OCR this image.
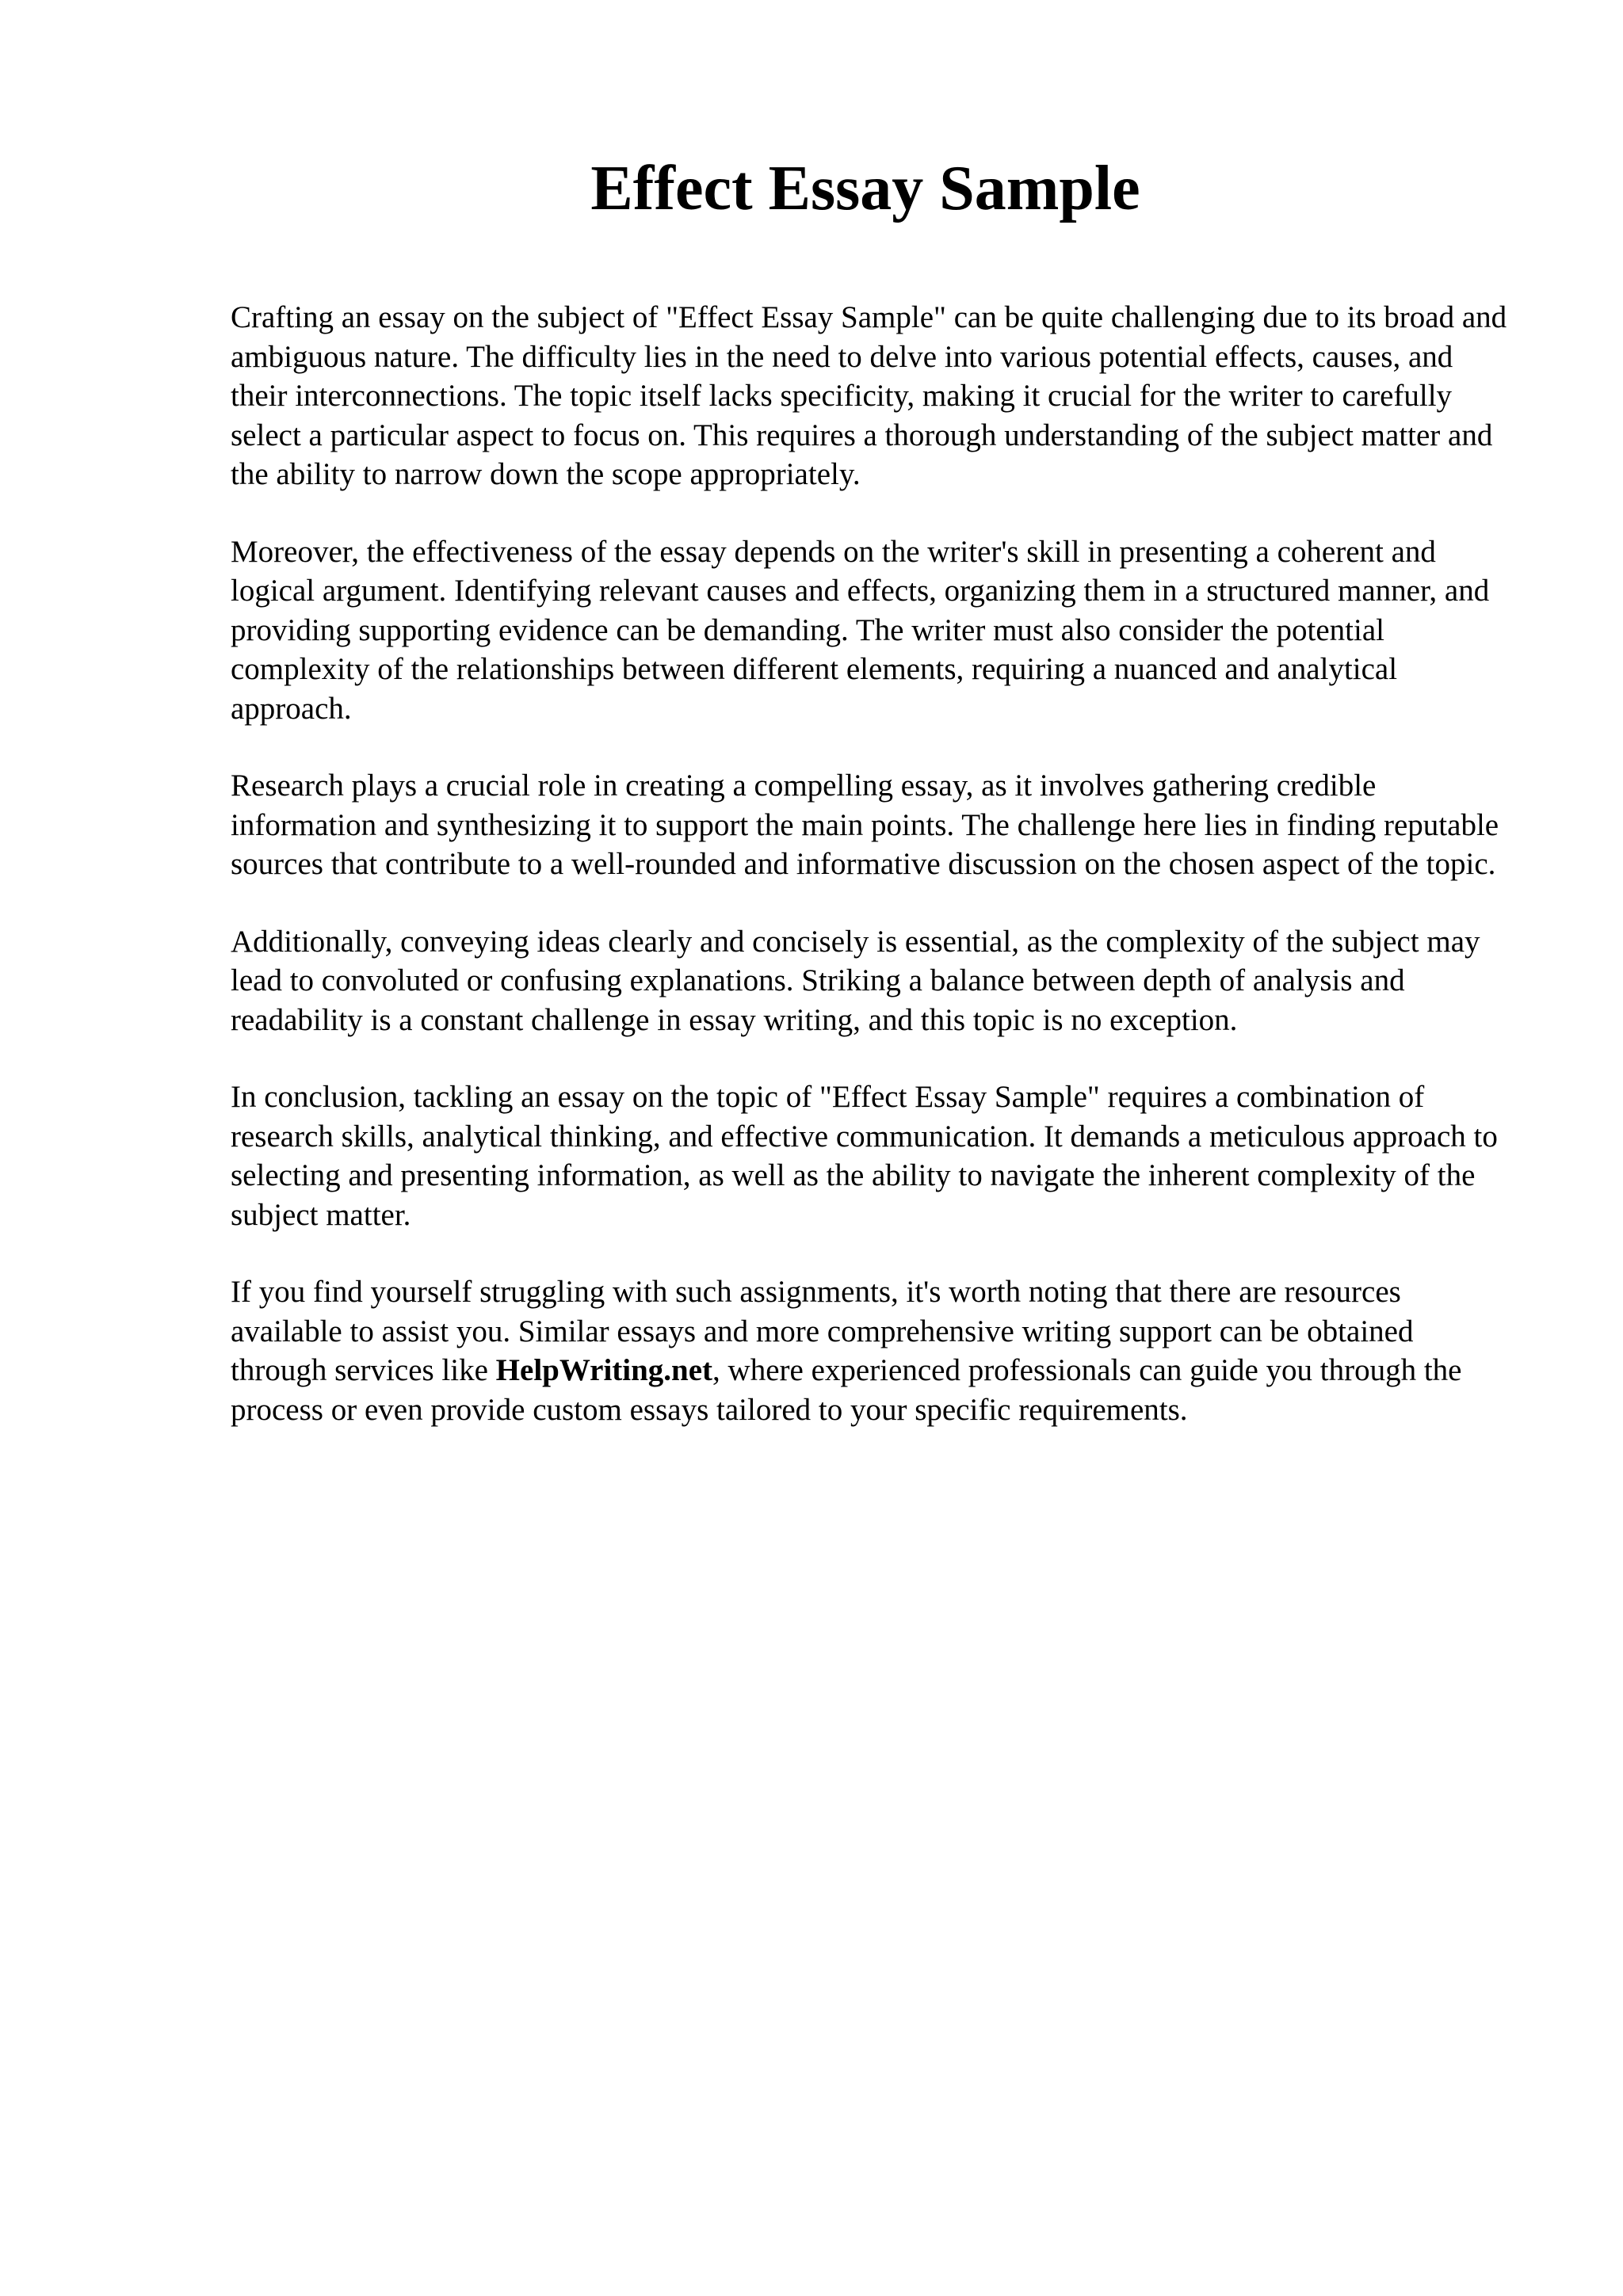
Effect Essay Sample

Crafting an essay on the subject of "Effect Essay Sample" can be quite challenging due to its broad and ambiguous nature. The difficulty lies in the need to delve into various potential effects, causes, and their interconnections. The topic itself lacks specificity, making it crucial for the writer to carefully select a particular aspect to focus on. This requires a thorough understanding of the subject matter and the ability to narrow down the scope appropriately.

Moreover, the effectiveness of the essay depends on the writer's skill in presenting a coherent and logical argument. Identifying relevant causes and effects, organizing them in a structured manner, and providing supporting evidence can be demanding. The writer must also consider the potential complexity of the relationships between different elements, requiring a nuanced and analytical approach.

Research plays a crucial role in creating a compelling essay, as it involves gathering credible information and synthesizing it to support the main points. The challenge here lies in finding reputable sources that contribute to a well-rounded and informative discussion on the chosen aspect of the topic.

Additionally, conveying ideas clearly and concisely is essential, as the complexity of the subject may lead to convoluted or confusing explanations. Striking a balance between depth of analysis and readability is a constant challenge in essay writing, and this topic is no exception.

In conclusion, tackling an essay on the topic of "Effect Essay Sample" requires a combination of research skills, analytical thinking, and effective communication. It demands a meticulous approach to selecting and presenting information, as well as the ability to navigate the inherent complexity of the subject matter.

If you find yourself struggling with such assignments, it's worth noting that there are resources available to assist you. Similar essays and more comprehensive writing support can be obtained through services like HelpWriting.net, where experienced professionals can guide you through the process or even provide custom essays tailored to your specific requirements.
